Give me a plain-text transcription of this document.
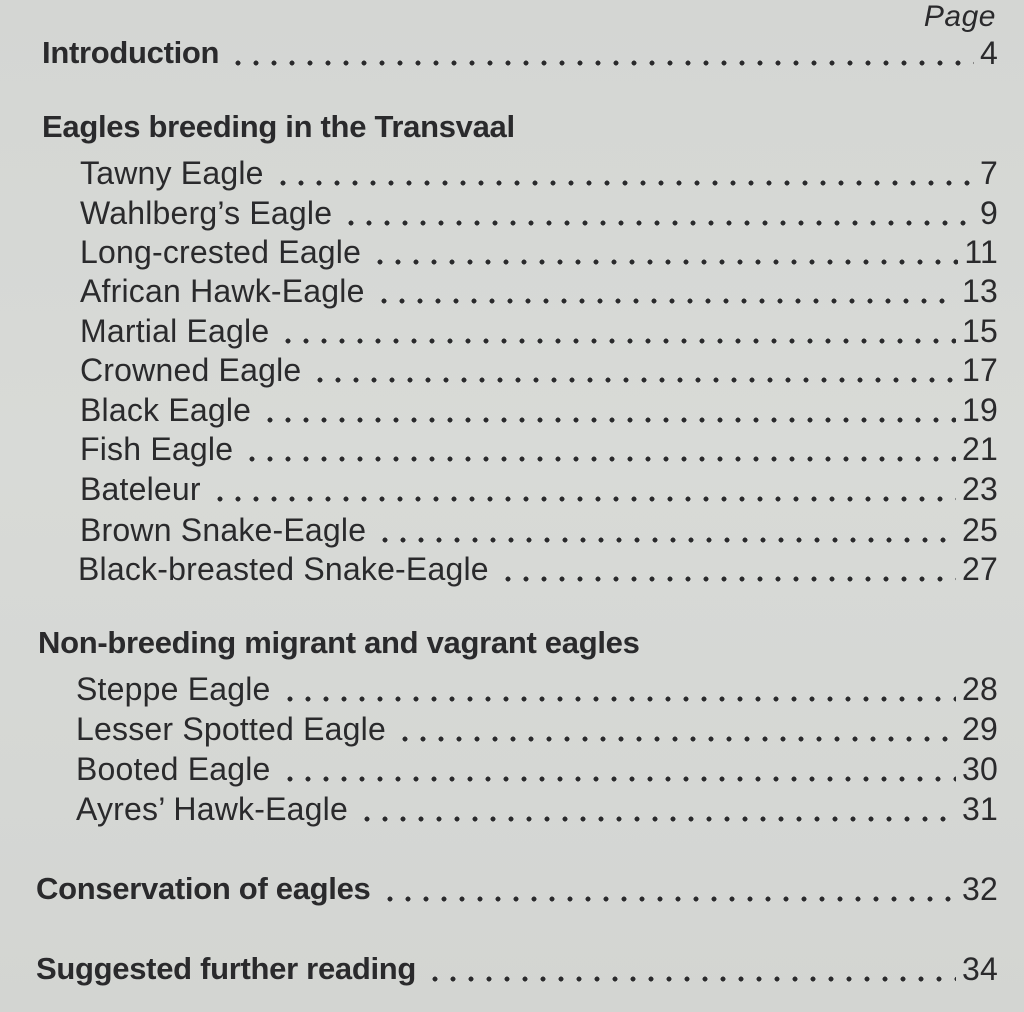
Page
Introduction	4
Eagles breeding in the Transvaal
Tawny Eagle	7
Wahlberg’s Eagle	9
Long-crested Eagle	11
African Hawk-Eagle	13
Martial Eagle	15
Crowned Eagle	17
Black Eagle	19
Fish Eagle	21
Bateleur	23
Brown Snake-Eagle	25
Black-breasted Snake-Eagle	27
Non-breeding migrant and vagrant eagles
Steppe Eagle	28
Lesser Spotted Eagle	29
Booted Eagle	30
Ayres’ Hawk-Eagle	31
Conservation of eagles	32
Suggested further reading	34
